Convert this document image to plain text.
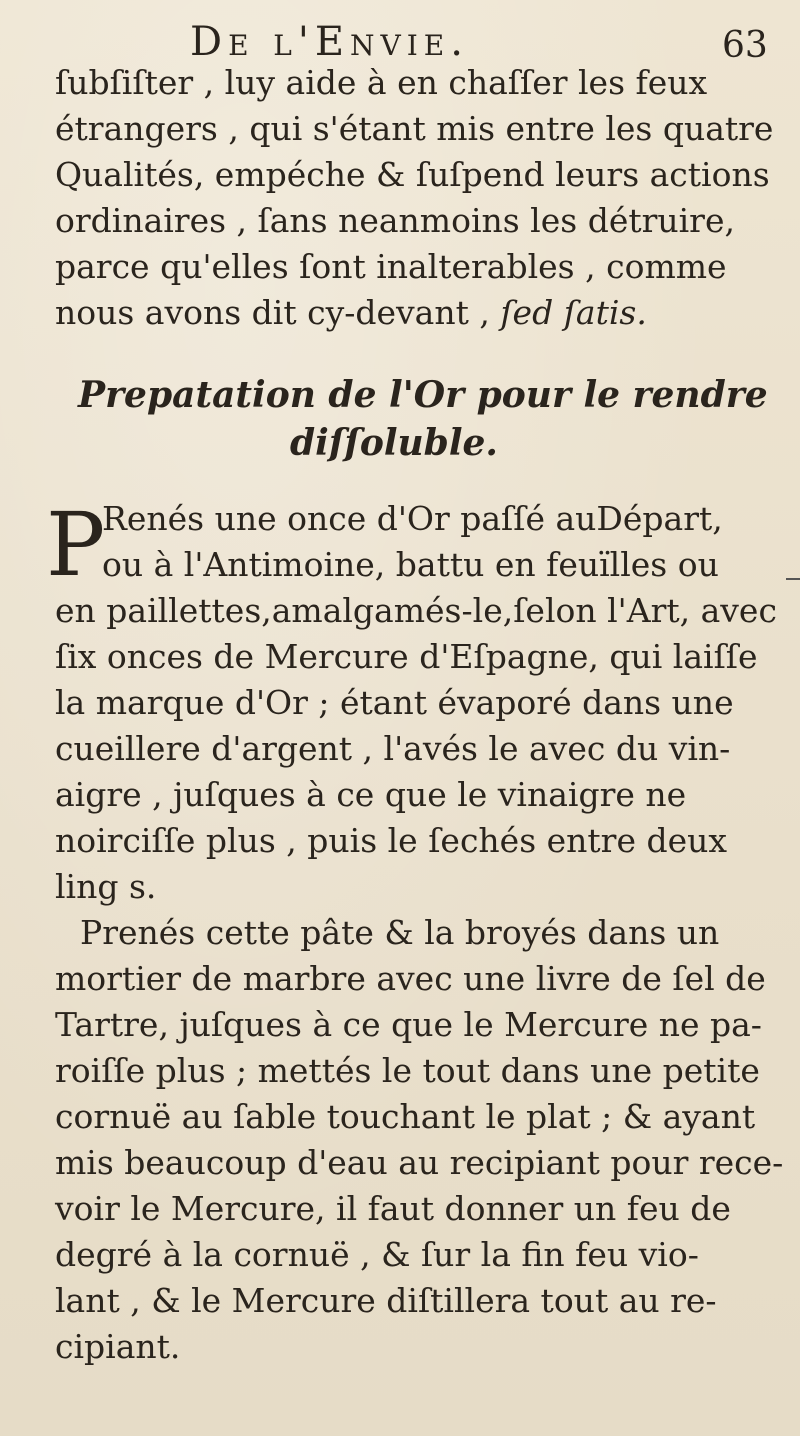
De l'Envie.	63
ſubſiſter , luy aide à en chaſſer les feux
étrangers , qui s'étant mis entre les quatre
Qualités, empéche & ſuſpend leurs actions
ordinaires , ſans neanmoins les détruire,
parce qu'elles ſont inalterables , comme
nous avons dit cy-devant , ſed ſatis.
Prepatation de l'Or pour le rendre
diſſoluble.
P
Renés une once d'Or paſſé auDépart,
ou à l'Antimoine, battu en feuïlles ou
en paillettes,amalgamés-le,ſelon l'Art, avec
ſix onces de Mercure d'Eſpagne, qui laiſſe
la marque d'Or ; étant évaporé dans une
cueillere d'argent , l'avés le avec du vin-
aigre , juſques à ce que le vinaigre ne
noirciſſe plus , puis le ſechés entre deux
ling s.
Prenés cette pâte & la broyés dans un
mortier de marbre avec une livre de ſel de
Tartre, juſques à ce que le Mercure ne pa-
roiſſe plus ; mettés le tout dans une petite
cornuë au ſable touchant le plat ; & ayant
mis beaucoup d'eau au recipiant pour rece-
voir le Mercure, il faut donner un feu de
degré à la cornuë , & ſur la fin feu vio-
lant , & le Mercure diſtillera tout au re-
cipiant.
